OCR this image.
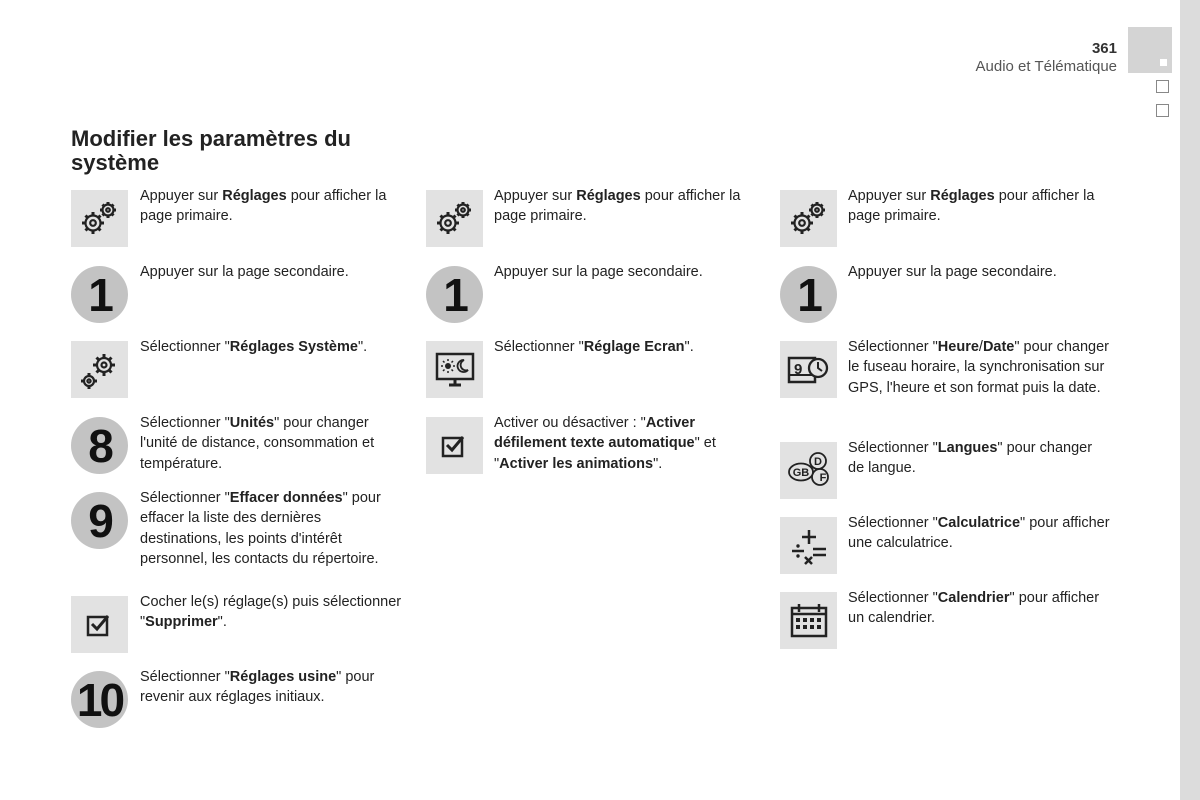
361
Audio et Télématique
Modifier les paramètres du système
Appuyer sur Réglages pour afficher la page primaire.
1	Appuyer sur la page secondaire.
Sélectionner "Réglages Système".
8	Sélectionner "Unités" pour changer l'unité de distance, consommation et température.
9	Sélectionner "Effacer données" pour effacer la liste des dernières destinations, les points d'intérêt personnel, les contacts du répertoire.
Cocher le(s) réglage(s) puis sélectionner "Supprimer".
10	Sélectionner "Réglages usine" pour revenir aux réglages initiaux.
Appuyer sur Réglages pour afficher la page primaire.
1	Appuyer sur la page secondaire.
Sélectionner "Réglage Ecran".
Activer ou désactiver : "Activer défilement texte automatique" et "Activer les animations".
Appuyer sur Réglages pour afficher la page primaire.
1	Appuyer sur la page secondaire.
9
Sélectionner "Heure/Date" pour changer le fuseau horaire, la synchronisation sur GPS, l'heure et son format puis la date.
GB
D
F
Sélectionner "Langues" pour changer de langue.
Sélectionner "Calculatrice" pour afficher une calculatrice.
Sélectionner "Calendrier" pour afficher un calendrier.
